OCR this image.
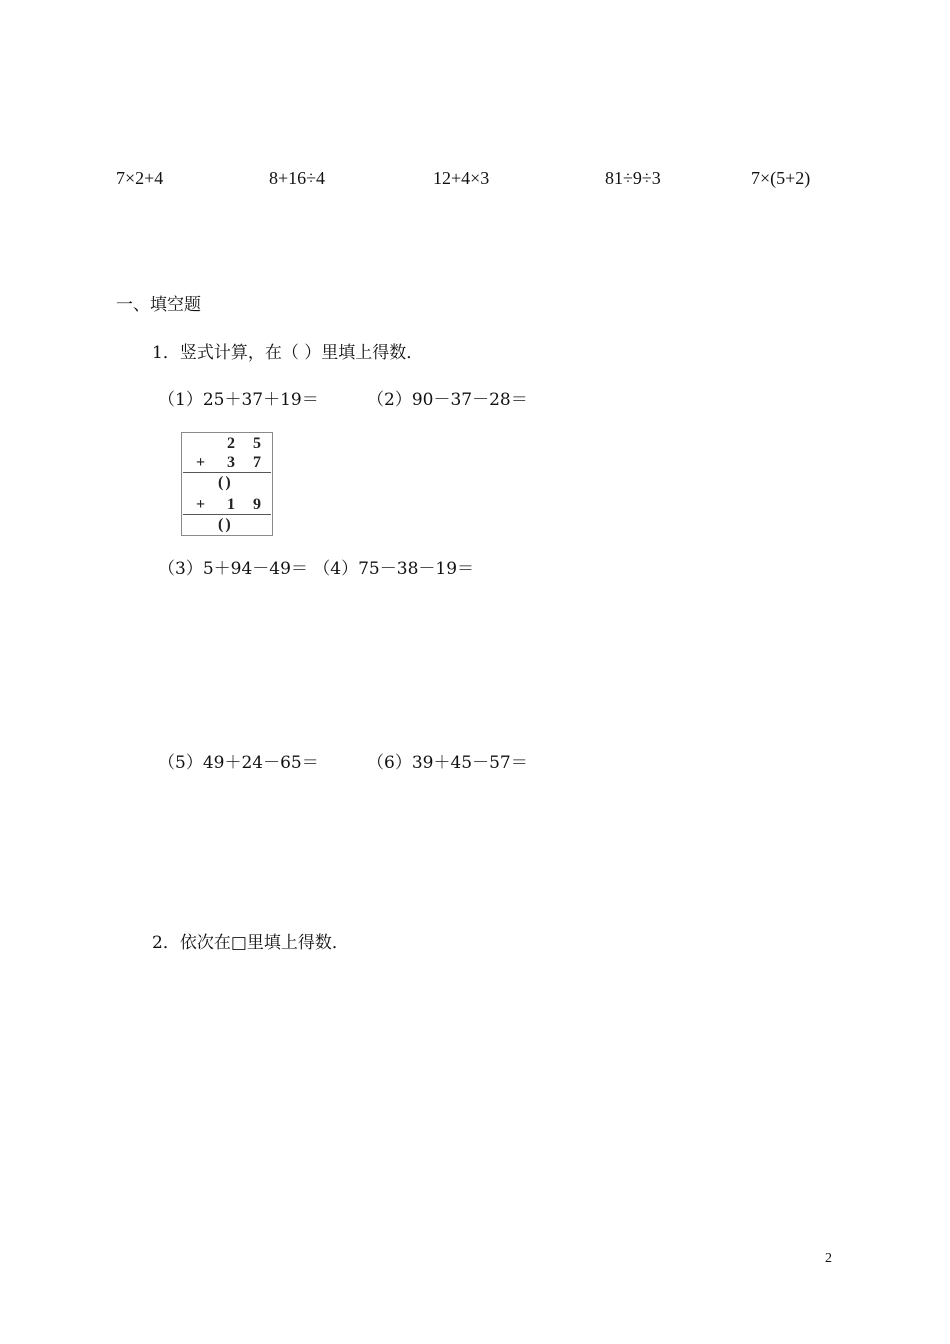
7×2+4	8+16÷4	12+4×3	81÷9÷3	7×(5+2)
一、填空题
1．竖式计算，在（ ）里填上得数．
（1）25＋37＋19＝	（2）90－37－28＝
2 5
+ 3 7
( )
+ 1 9
( )
（3）5＋94－49＝ （4）75－38－19＝
（5）49＋24－65＝	（6）39＋45－57＝
2．依次在□里填上得数．
2
